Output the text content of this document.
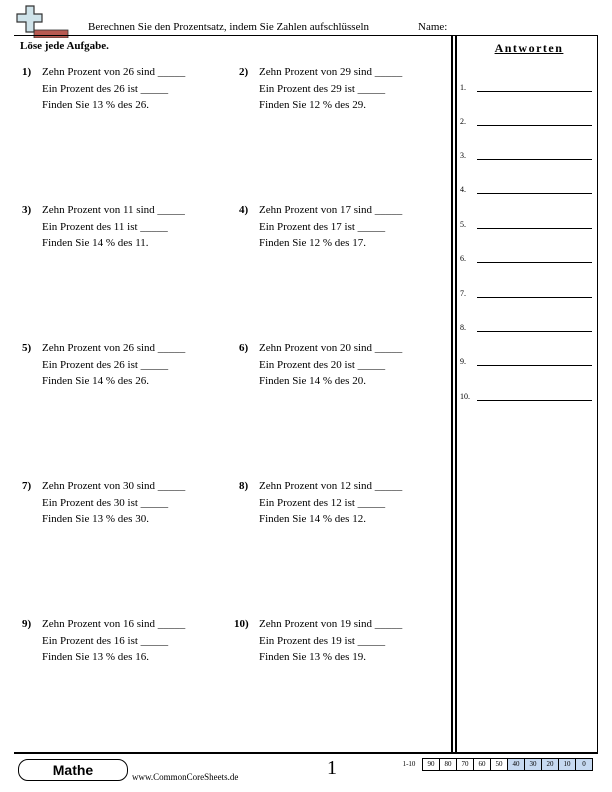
Berechnen Sie den Prozentsatz, indem Sie Zahlen aufschlüsseln	Name:
Löse jede Aufgabe.
1) Zehn Prozent von 26 sind _____
Ein Prozent des 26 ist _____
Finden Sie 13 % des 26.
2) Zehn Prozent von 29 sind _____
Ein Prozent des 29 ist _____
Finden Sie 12 % des 29.
3) Zehn Prozent von 11 sind _____
Ein Prozent des 11 ist _____
Finden Sie 14 % des 11.
4) Zehn Prozent von 17 sind _____
Ein Prozent des 17 ist _____
Finden Sie 12 % des 17.
5) Zehn Prozent von 26 sind _____
Ein Prozent des 26 ist _____
Finden Sie 14 % des 26.
6) Zehn Prozent von 20 sind _____
Ein Prozent des 20 ist _____
Finden Sie 14 % des 20.
7) Zehn Prozent von 30 sind _____
Ein Prozent des 30 ist _____
Finden Sie 13 % des 30.
8) Zehn Prozent von 12 sind _____
Ein Prozent des 12 ist _____
Finden Sie 14 % des 12.
9) Zehn Prozent von 16 sind _____
Ein Prozent des 16 ist _____
Finden Sie 13 % des 16.
10) Zehn Prozent von 19 sind _____
Ein Prozent des 19 ist _____
Finden Sie 13 % des 19.
Antworten
1.
2.
3.
4.
5.
6.
7.
8.
9.
10.
Mathe	www.CommonCoreSheets.de	1	1-10	90	80	70	60	50	40	30	20	10	0
